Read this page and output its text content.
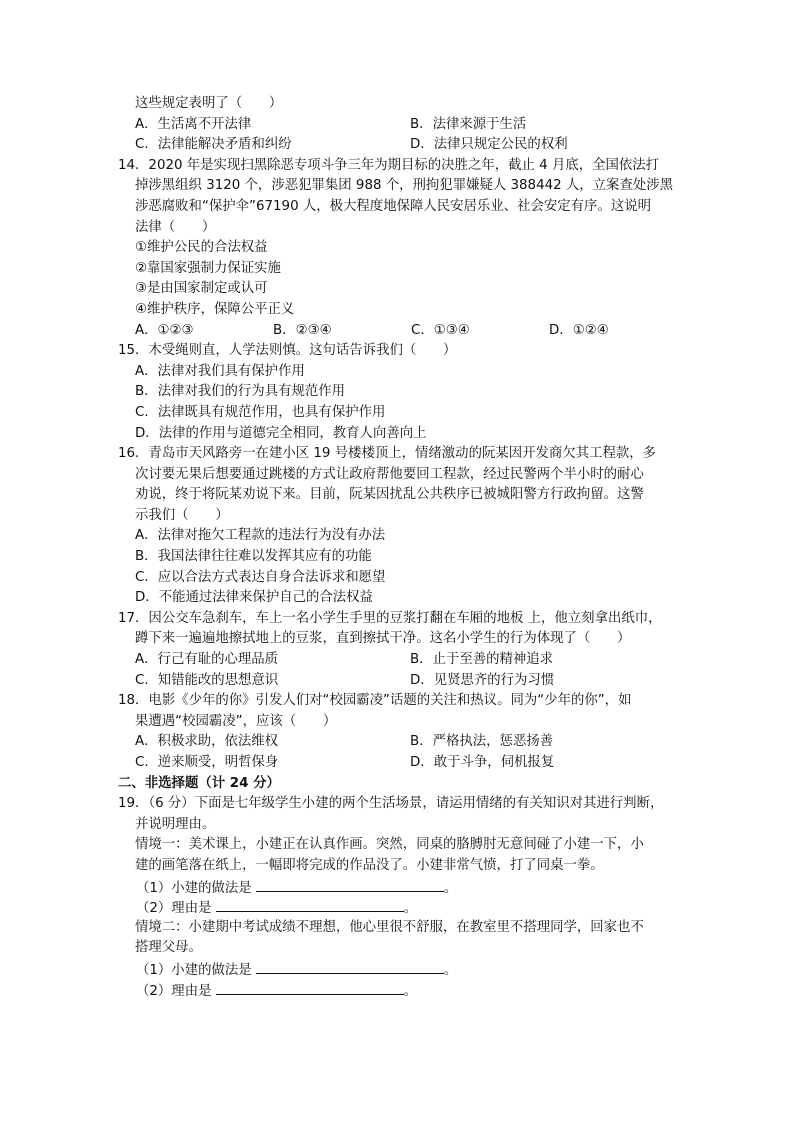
这些规定表明了（　　）
A．生活离不开法律	B．法律来源于生活
C．法律能解决矛盾和纠纷	D．法律只规定公民的权利
14．2020 年是实现扫黑除恶专项斗争三年为期目标的决胜之年，截止 4 月底，全国依法打
掉涉黑组织 3120 个，涉恶犯罪集团 988 个，刑拘犯罪嫌疑人 388442 人，立案查处涉黑
涉恶腐败和“保护伞”67190 人，极大程度地保障人民安居乐业、社会安定有序。这说明
法律（　　）
①维护公民的合法权益
②靠国家强制力保证实施
③是由国家制定或认可
④维护秩序，保障公平正义
A．①②③	B．②③④	C．①③④	D．①②④
15．木受绳则直，人学法则慎。这句话告诉我们（　　）
A．法律对我们具有保护作用
B．法律对我们的行为具有规范作用
C．法律既具有规范作用，也具有保护作用
D．法律的作用与道德完全相同，教育人向善向上
16．青岛市天风路旁一在建小区 19 号楼楼顶上，情绪激动的阮某因开发商欠其工程款，多
次讨要无果后想要通过跳楼的方式让政府帮他要回工程款，经过民警两个半小时的耐心
劝说，终于将阮某劝说下来。目前，阮某因扰乱公共秩序已被城阳警方行政拘留。这警
示我们（　　）
A．法律对拖欠工程款的违法行为没有办法
B．我国法律往往难以发挥其应有的功能
C．应以合法方式表达自身合法诉求和愿望
D．不能通过法律来保护自己的合法权益
17．因公交车急刹车，车上一名小学生手里的豆浆打翻在车厢的地板 上，他立刻拿出纸巾，
蹲下来一遍遍地擦拭地上的豆浆，直到擦拭干净。这名小学生的行为体现了（　　）
A．行己有耻的心理品质	B．止于至善的精神追求
C．知错能改的思想意识	D．见贤思齐的行为习惯
18．电影《少年的你》引发人们对“校园霸凌”话题的关注和热议。同为“少年的你”，如
果遭遇“校园霸凌”，应该（　　）
A．积极求助，依法维权	B．严格执法，惩恶扬善
C．逆来顺受，明哲保身	D．敢于斗争，伺机报复
二、非选择题（计 24 分）
19．（6 分）下面是七年级学生小建的两个生活场景，请运用情绪的有关知识对其进行判断，
并说明理由。
情境一：美术课上，小建正在认真作画。突然，同桌的胳膊肘无意间碰了小建一下，小
建的画笔落在纸上，一幅即将完成的作品没了。小建非常气愤，打了同桌一拳。
（1）小建的做法是	。
（2）理由是	。
情境二：小建期中考试成绩不理想，他心里很不舒服，在教室里不搭理同学，回家也不
搭理父母。
（1）小建的做法是	。
（2）理由是	。
